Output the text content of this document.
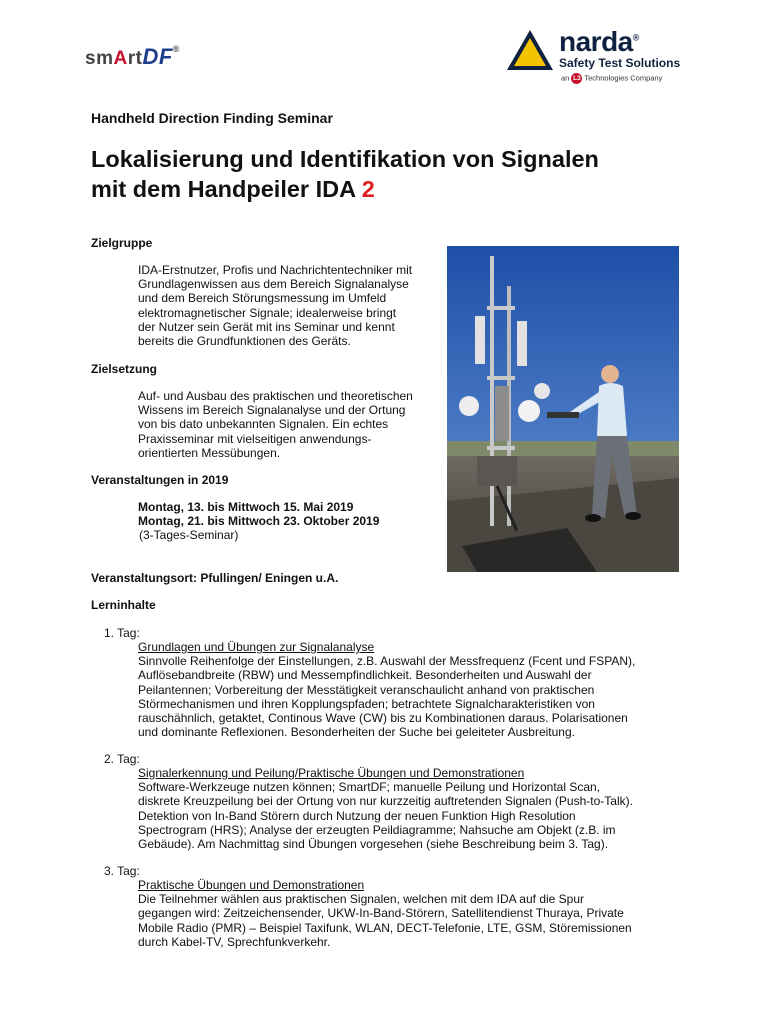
smArtDF®	narda®
Safety Test Solutions
an L3 Technologies Company
Handheld Direction Finding Seminar
Lokalisierung und Identifikation von Signalen
mit dem Handpeiler IDA 2
Zielgruppe
IDA-Erstnutzer, Profis und Nachrichtentechniker mit
Grundlagenwissen aus dem Bereich Signalanalyse
und dem Bereich Störungsmessung im Umfeld
elektromagnetischer Signale; idealerweise bringt
der Nutzer sein Gerät mit ins Seminar und kennt
bereits die Grundfunktionen des Geräts.
Zielsetzung
Auf- und Ausbau des praktischen und theoretischen
Wissens im Bereich Signalanalyse und der Ortung
von bis dato unbekannten Signalen. Ein echtes
Praxisseminar mit vielseitigen anwendungs-
orientierten Messübungen.
Veranstaltungen in 2019
Montag, 13. bis Mittwoch 15. Mai 2019
Montag, 21. bis Mittwoch 23. Oktober 2019
(3-Tages-Seminar)
Veranstaltungsort: Pfullingen/ Eningen u.A.
Lerninhalte
1. Tag:
Grundlagen und Übungen zur Signalanalyse
Sinnvolle Reihenfolge der Einstellungen, z.B. Auswahl der Messfrequenz (Fcent und FSPAN),
Auflösebandbreite (RBW) und Messempfindlichkeit. Besonderheiten und Auswahl der
Peilantennen; Vorbereitung der Messtätigkeit veranschaulicht anhand von praktischen
Störmechanismen und ihren Kopplungspfaden; betrachtete Signalcharakteristiken von
rauschähnlich, getaktet, Continous Wave (CW) bis zu Kombinationen daraus. Polarisationen
und dominante Reflexionen. Besonderheiten der Suche bei geleiteter Ausbreitung.
2. Tag:
Signalerkennung und Peilung/Praktische Übungen und Demonstrationen
Software-Werkzeuge nutzen können; SmartDF; manuelle Peilung und Horizontal Scan,
diskrete Kreuzpeilung bei der Ortung von nur kurzzeitig auftretenden Signalen (Push-to-Talk).
Detektion von In-Band Störern durch Nutzung der neuen Funktion High Resolution
Spectrogram (HRS); Analyse der erzeugten Peildiagramme; Nahsuche am Objekt (z.B. im
Gebäude). Am Nachmittag sind Übungen vorgesehen (siehe Beschreibung beim 3. Tag).
3. Tag:
Praktische Übungen und Demonstrationen
Die Teilnehmer wählen aus praktischen Signalen, welchen mit dem IDA auf die Spur
gegangen wird: Zeitzeichensender, UKW-In-Band-Störern, Satellitendienst Thuraya, Private
Mobile Radio (PMR) – Beispiel Taxifunk, WLAN, DECT-Telefonie, LTE, GSM, Störemissionen
durch Kabel-TV, Sprechfunkverkehr.
